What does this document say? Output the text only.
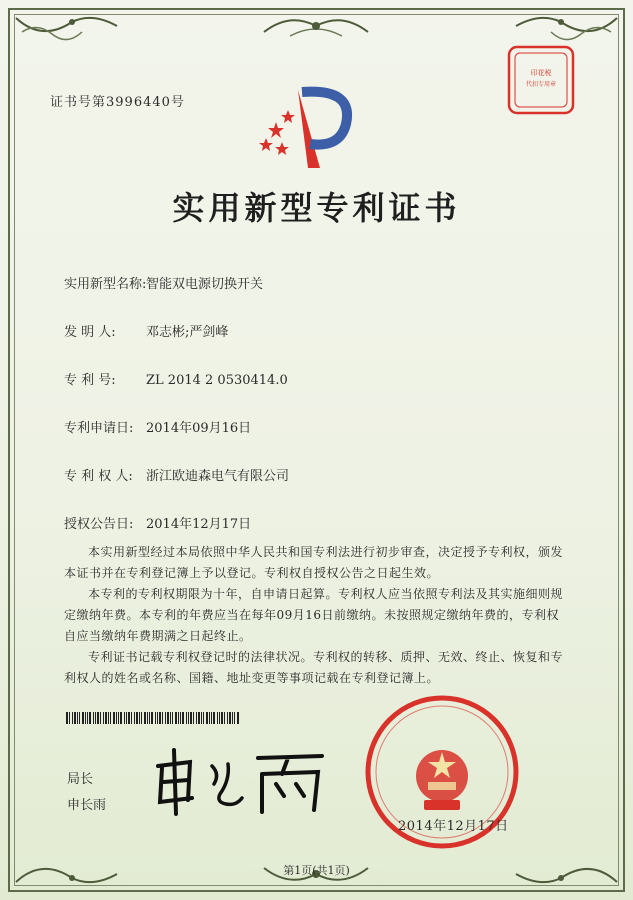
证书号第3996440号
印花税
代扣专用章
实用新型专利证书
实用新型名称:智能双电源切换开关
发 明 人: 邓志彬;严剑峰
专 利 号: ZL 2014 2 0530414.0
专利申请日: 2014年09月16日
专 利 权 人: 浙江欧迪森电气有限公司
授权公告日: 2014年12月17日
本实用新型经过本局依照中华人民共和国专利法进行初步审查，决定授予专利权，颁发本证书并在专利登记簿上予以登记。专利权自授权公告之日起生效。
本专利的专利权期限为十年，自申请日起算。专利权人应当依照专利法及其实施细则规定缴纳年费。本专利的年费应当在每年09月16日前缴纳。未按照规定缴纳年费的，专利权自应当缴纳年费期满之日起终止。
专利证书记载专利权登记时的法律状况。专利权的转移、质押、无效、终止、恢复和专利权人的姓名或名称、国籍、地址变更等事项记载在专利登记簿上。
局长
申长雨
2014年12月17日
第1页(共1页)
